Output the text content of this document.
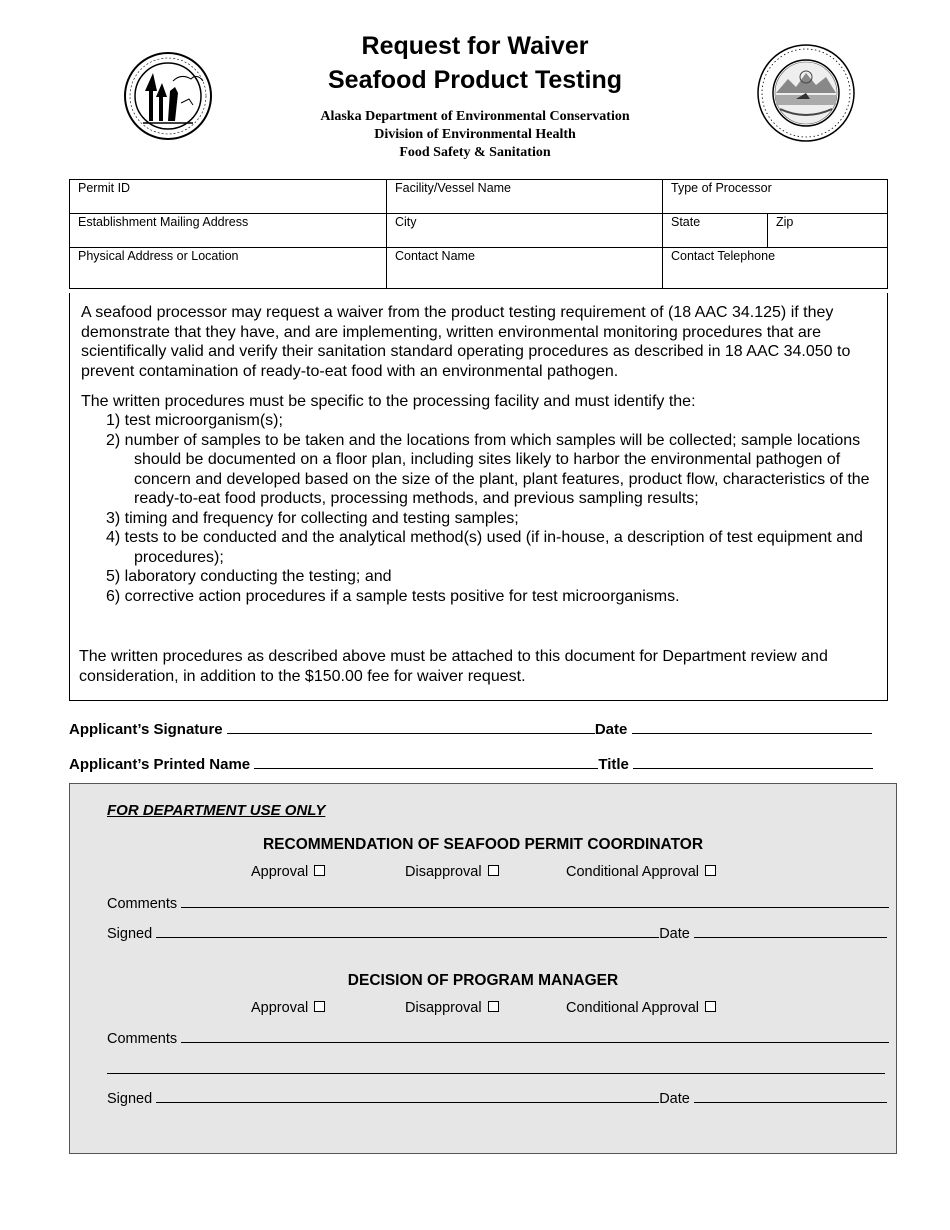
Request for Waiver
Seafood Product Testing
Alaska Department of Environmental Conservation
Division of Environmental Health
Food Safety & Sanitation
Permit ID	Facility/Vessel Name	Type of Processor	
Establishment Mailing Address	City	State	Zip
Physical Address or Location	Contact Name	Contact Telephone	
A seafood processor may request a waiver from the product testing requirement of (18 AAC 34.125) if they demonstrate that they have, and are implementing, written environmental monitoring procedures that are scientifically valid and verify their sanitation standard operating procedures as described in 18 AAC 34.050 to prevent contamination of ready-to-eat food with an environmental pathogen.
The written procedures must be specific to the processing facility and must identify the:
1) test microorganism(s);
2) number of samples to be taken and the locations from which samples will be collected; sample locations should be documented on a floor plan, including sites likely to harbor the environmental pathogen of concern and developed based on the size of the plant, plant features, product flow, characteristics of the ready-to-eat food products, processing methods, and previous sampling results;
3) timing and frequency for collecting and testing samples;
4) tests to be conducted and the analytical method(s) used (if in-house, a description of test equipment and procedures);
5) laboratory conducting the testing; and
6) corrective action procedures if a sample tests positive for test microorganisms.
The written procedures as described above must be attached to this document for Department review and consideration, in addition to the $150.00 fee for waiver request.
Applicant’s Signature	Date
Applicant’s Printed Name	Title
FOR DEPARTMENT USE ONLY
RECOMMENDATION OF SEAFOOD PERMIT COORDINATOR
Approval	Disapproval	Conditional Approval
Comments
Signed	Date
DECISION OF PROGRAM MANAGER
Approval	Disapproval	Conditional Approval
Comments
Signed	Date
